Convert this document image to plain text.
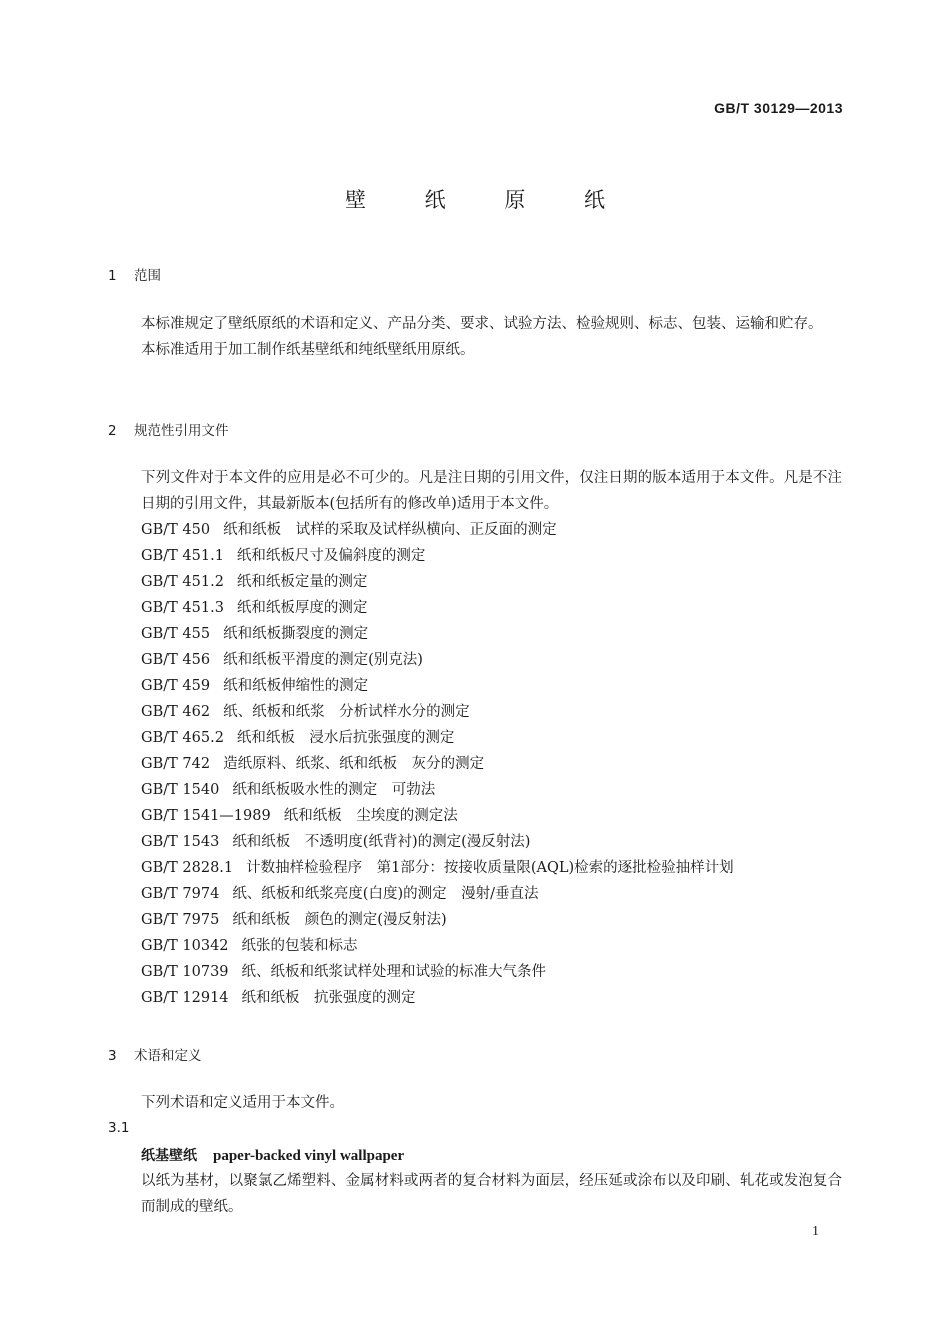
GB/T 30129—2013
壁 纸 原 纸
1 范围
本标准规定了壁纸原纸的术语和定义、产品分类、要求、试验方法、检验规则、标志、包装、运输和贮存。
本标准适用于加工制作纸基壁纸和纯纸壁纸用原纸。
2 规范性引用文件
下列文件对于本文件的应用是必不可少的。凡是注日期的引用文件，仅注日期的版本适用于本文件。凡是不注日期的引用文件，其最新版本(包括所有的修改单)适用于本文件。
GB/T 450 纸和纸板　试样的采取及试样纵横向、正反面的测定
GB/T 451.1 纸和纸板尺寸及偏斜度的测定
GB/T 451.2 纸和纸板定量的测定
GB/T 451.3 纸和纸板厚度的测定
GB/T 455 纸和纸板撕裂度的测定
GB/T 456 纸和纸板平滑度的测定(别克法)
GB/T 459 纸和纸板伸缩性的测定
GB/T 462 纸、纸板和纸浆　分析试样水分的测定
GB/T 465.2 纸和纸板　浸水后抗张强度的测定
GB/T 742 造纸原料、纸浆、纸和纸板　灰分的测定
GB/T 1540 纸和纸板吸水性的测定　可勃法
GB/T 1541—1989 纸和纸板　尘埃度的测定法
GB/T 1543 纸和纸板　不透明度(纸背衬)的测定(漫反射法)
GB/T 2828.1 计数抽样检验程序　第1部分：按接收质量限(AQL)检索的逐批检验抽样计划
GB/T 7974 纸、纸板和纸浆亮度(白度)的测定　漫射/垂直法
GB/T 7975 纸和纸板　颜色的测定(漫反射法)
GB/T 10342 纸张的包装和标志
GB/T 10739 纸、纸板和纸浆试样处理和试验的标准大气条件
GB/T 12914 纸和纸板　抗张强度的测定
3 术语和定义
下列术语和定义适用于本文件。
3.1
纸基壁纸 paper-backed vinyl wallpaper
以纸为基材，以聚氯乙烯塑料、金属材料或两者的复合材料为面层，经压延或涂布以及印刷、轧花或发泡复合而制成的壁纸。
1
